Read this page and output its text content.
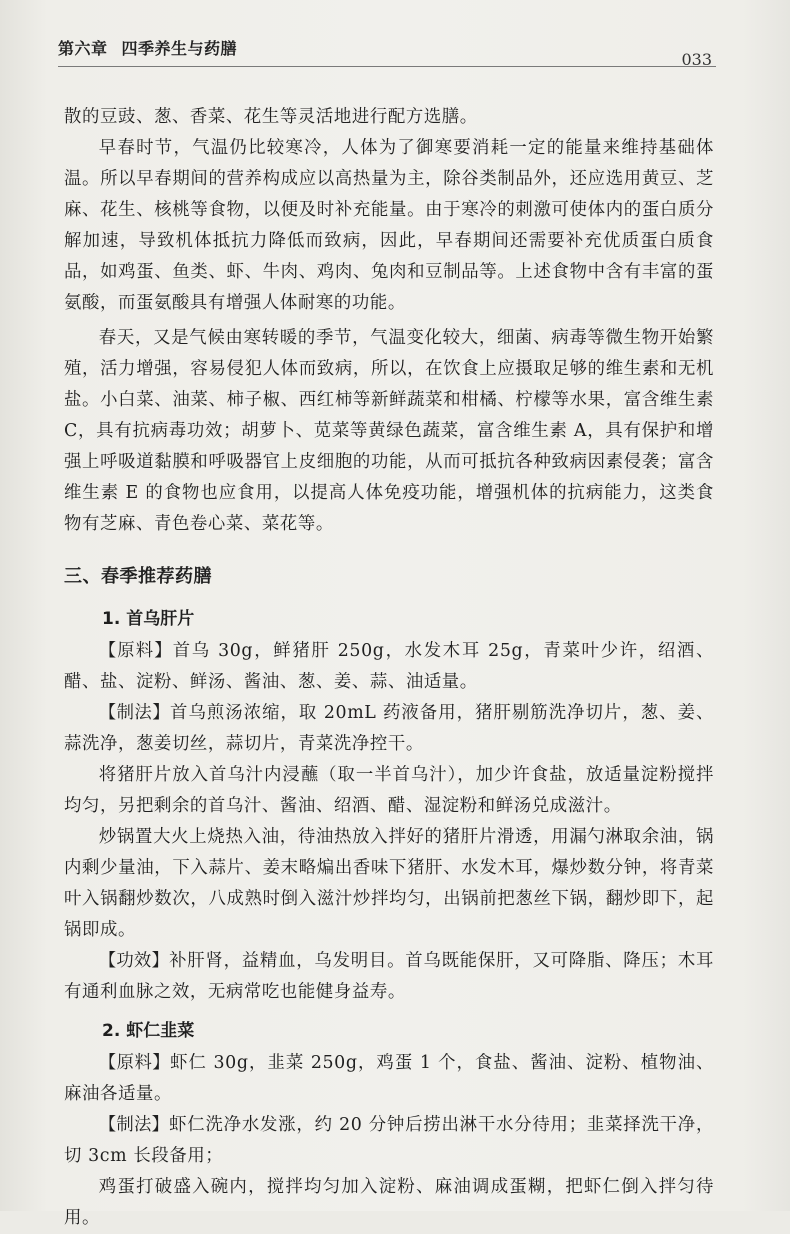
第六章 四季养生与药膳
033

散的豆豉、葱、香菜、花生等灵活地进行配方选膳。

早春时节，气温仍比较寒冷，人体为了御寒要消耗一定的能量来维持基础体温。所以早春期间的营养构成应以高热量为主，除谷类制品外，还应选用黄豆、芝麻、花生、核桃等食物，以便及时补充能量。由于寒冷的刺激可使体内的蛋白质分解加速，导致机体抵抗力降低而致病，因此，早春期间还需要补充优质蛋白质食品，如鸡蛋、鱼类、虾、牛肉、鸡肉、兔肉和豆制品等。上述食物中含有丰富的蛋氨酸，而蛋氨酸具有增强人体耐寒的功能。

春天，又是气候由寒转暖的季节，气温变化较大，细菌、病毒等微生物开始繁殖，活力增强，容易侵犯人体而致病，所以，在饮食上应摄取足够的维生素和无机盐。小白菜、油菜、柿子椒、西红柿等新鲜蔬菜和柑橘、柠檬等水果，富含维生素 C，具有抗病毒功效；胡萝卜、苋菜等黄绿色蔬菜，富含维生素 A，具有保护和增强上呼吸道黏膜和呼吸器官上皮细胞的功能，从而可抵抗各种致病因素侵袭；富含维生素 E 的食物也应食用，以提高人体免疫功能，增强机体的抗病能力，这类食物有芝麻、青色卷心菜、菜花等。

三、春季推荐药膳
1. 首乌肝片

【原料】首乌 30g，鲜猪肝 250g，水发木耳 25g，青菜叶少许，绍酒、醋、盐、淀粉、鲜汤、酱油、葱、姜、蒜、油适量。

【制法】首乌煎汤浓缩，取 20mL 药液备用，猪肝剔筋洗净切片，葱、姜、蒜洗净，葱姜切丝，蒜切片，青菜洗净控干。

将猪肝片放入首乌汁内浸蘸（取一半首乌汁），加少许食盐，放适量淀粉搅拌均匀，另把剩余的首乌汁、酱油、绍酒、醋、湿淀粉和鲜汤兑成滋汁。

炒锅置大火上烧热入油，待油热放入拌好的猪肝片滑透，用漏勺淋取余油，锅内剩少量油，下入蒜片、姜末略煸出香味下猪肝、水发木耳，爆炒数分钟，将青菜叶入锅翻炒数次，八成熟时倒入滋汁炒拌均匀，出锅前把葱丝下锅，翻炒即下，起锅即成。

【功效】补肝肾，益精血，乌发明目。首乌既能保肝，又可降脂、降压；木耳有通利血脉之效，无病常吃也能健身益寿。

2. 虾仁韭菜

【原料】虾仁 30g，韭菜 250g，鸡蛋 1 个，食盐、酱油、淀粉、植物油、麻油各适量。

【制法】虾仁洗净水发涨，约 20 分钟后捞出淋干水分待用；韭菜择洗干净，切 3cm 长段备用；

鸡蛋打破盛入碗内，搅拌均匀加入淀粉、麻油调成蛋糊，把虾仁倒入拌匀待用。
